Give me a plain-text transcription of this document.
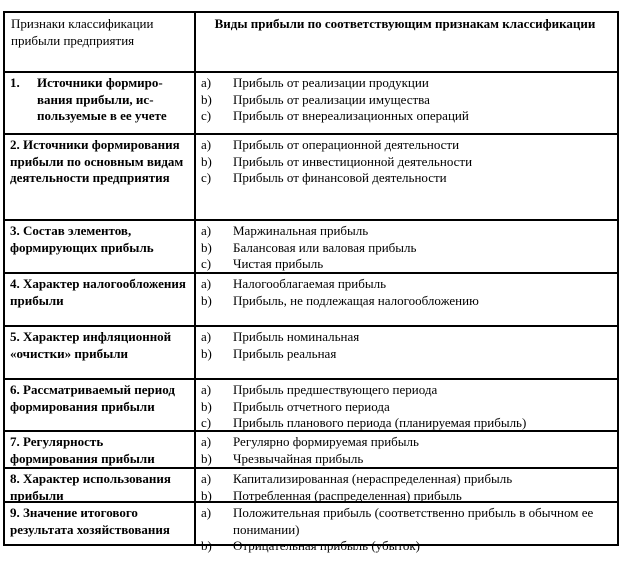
Признаки классификации прибыли предприятия
Виды прибыли по соответствующим признакам классификации
1.	Источники формиро-вания прибыли, ис-пользуемые в ее учете
a) Прибыль от реализации продукции
b) Прибыль от реализации имущества
c) Прибыль от внереализационных операций
2. Источники формирования прибыли по основным видам деятельности предприятия
a) Прибыль от операционной деятельности
b) Прибыль от инвестиционной деятельности
c) Прибыль от финансовой деятельности
3. Состав элементов, формирующих прибыль
a) Маржинальная прибыль
b) Балансовая или валовая прибыль
c) Чистая прибыль
4. Характер налогообложения прибыли
a) Налогооблагаемая прибыль
b) Прибыль, не подлежащая налогообложению
5. Характер инфляционной «очистки» прибыли
a) Прибыль номинальная
b) Прибыль реальная
6. Рассматриваемый период формирования прибыли
a) Прибыль предшествующего периода
b) Прибыль отчетного периода
c) Прибыль планового периода (планируемая прибыль)
7. Регулярность формирования прибыли
a) Регулярно формируемая прибыль
b) Чрезвычайная прибыль
8. Характер использования прибыли
a) Капитализированная (нераспределенная) прибыль
b) Потребленная (распределенная) прибыль
9. Значение итогового результата хозяйствования
a) Положительная прибыль (соответственно прибыль в обычном ее понимании)
b) Отрицательная прибыль (убыток)
